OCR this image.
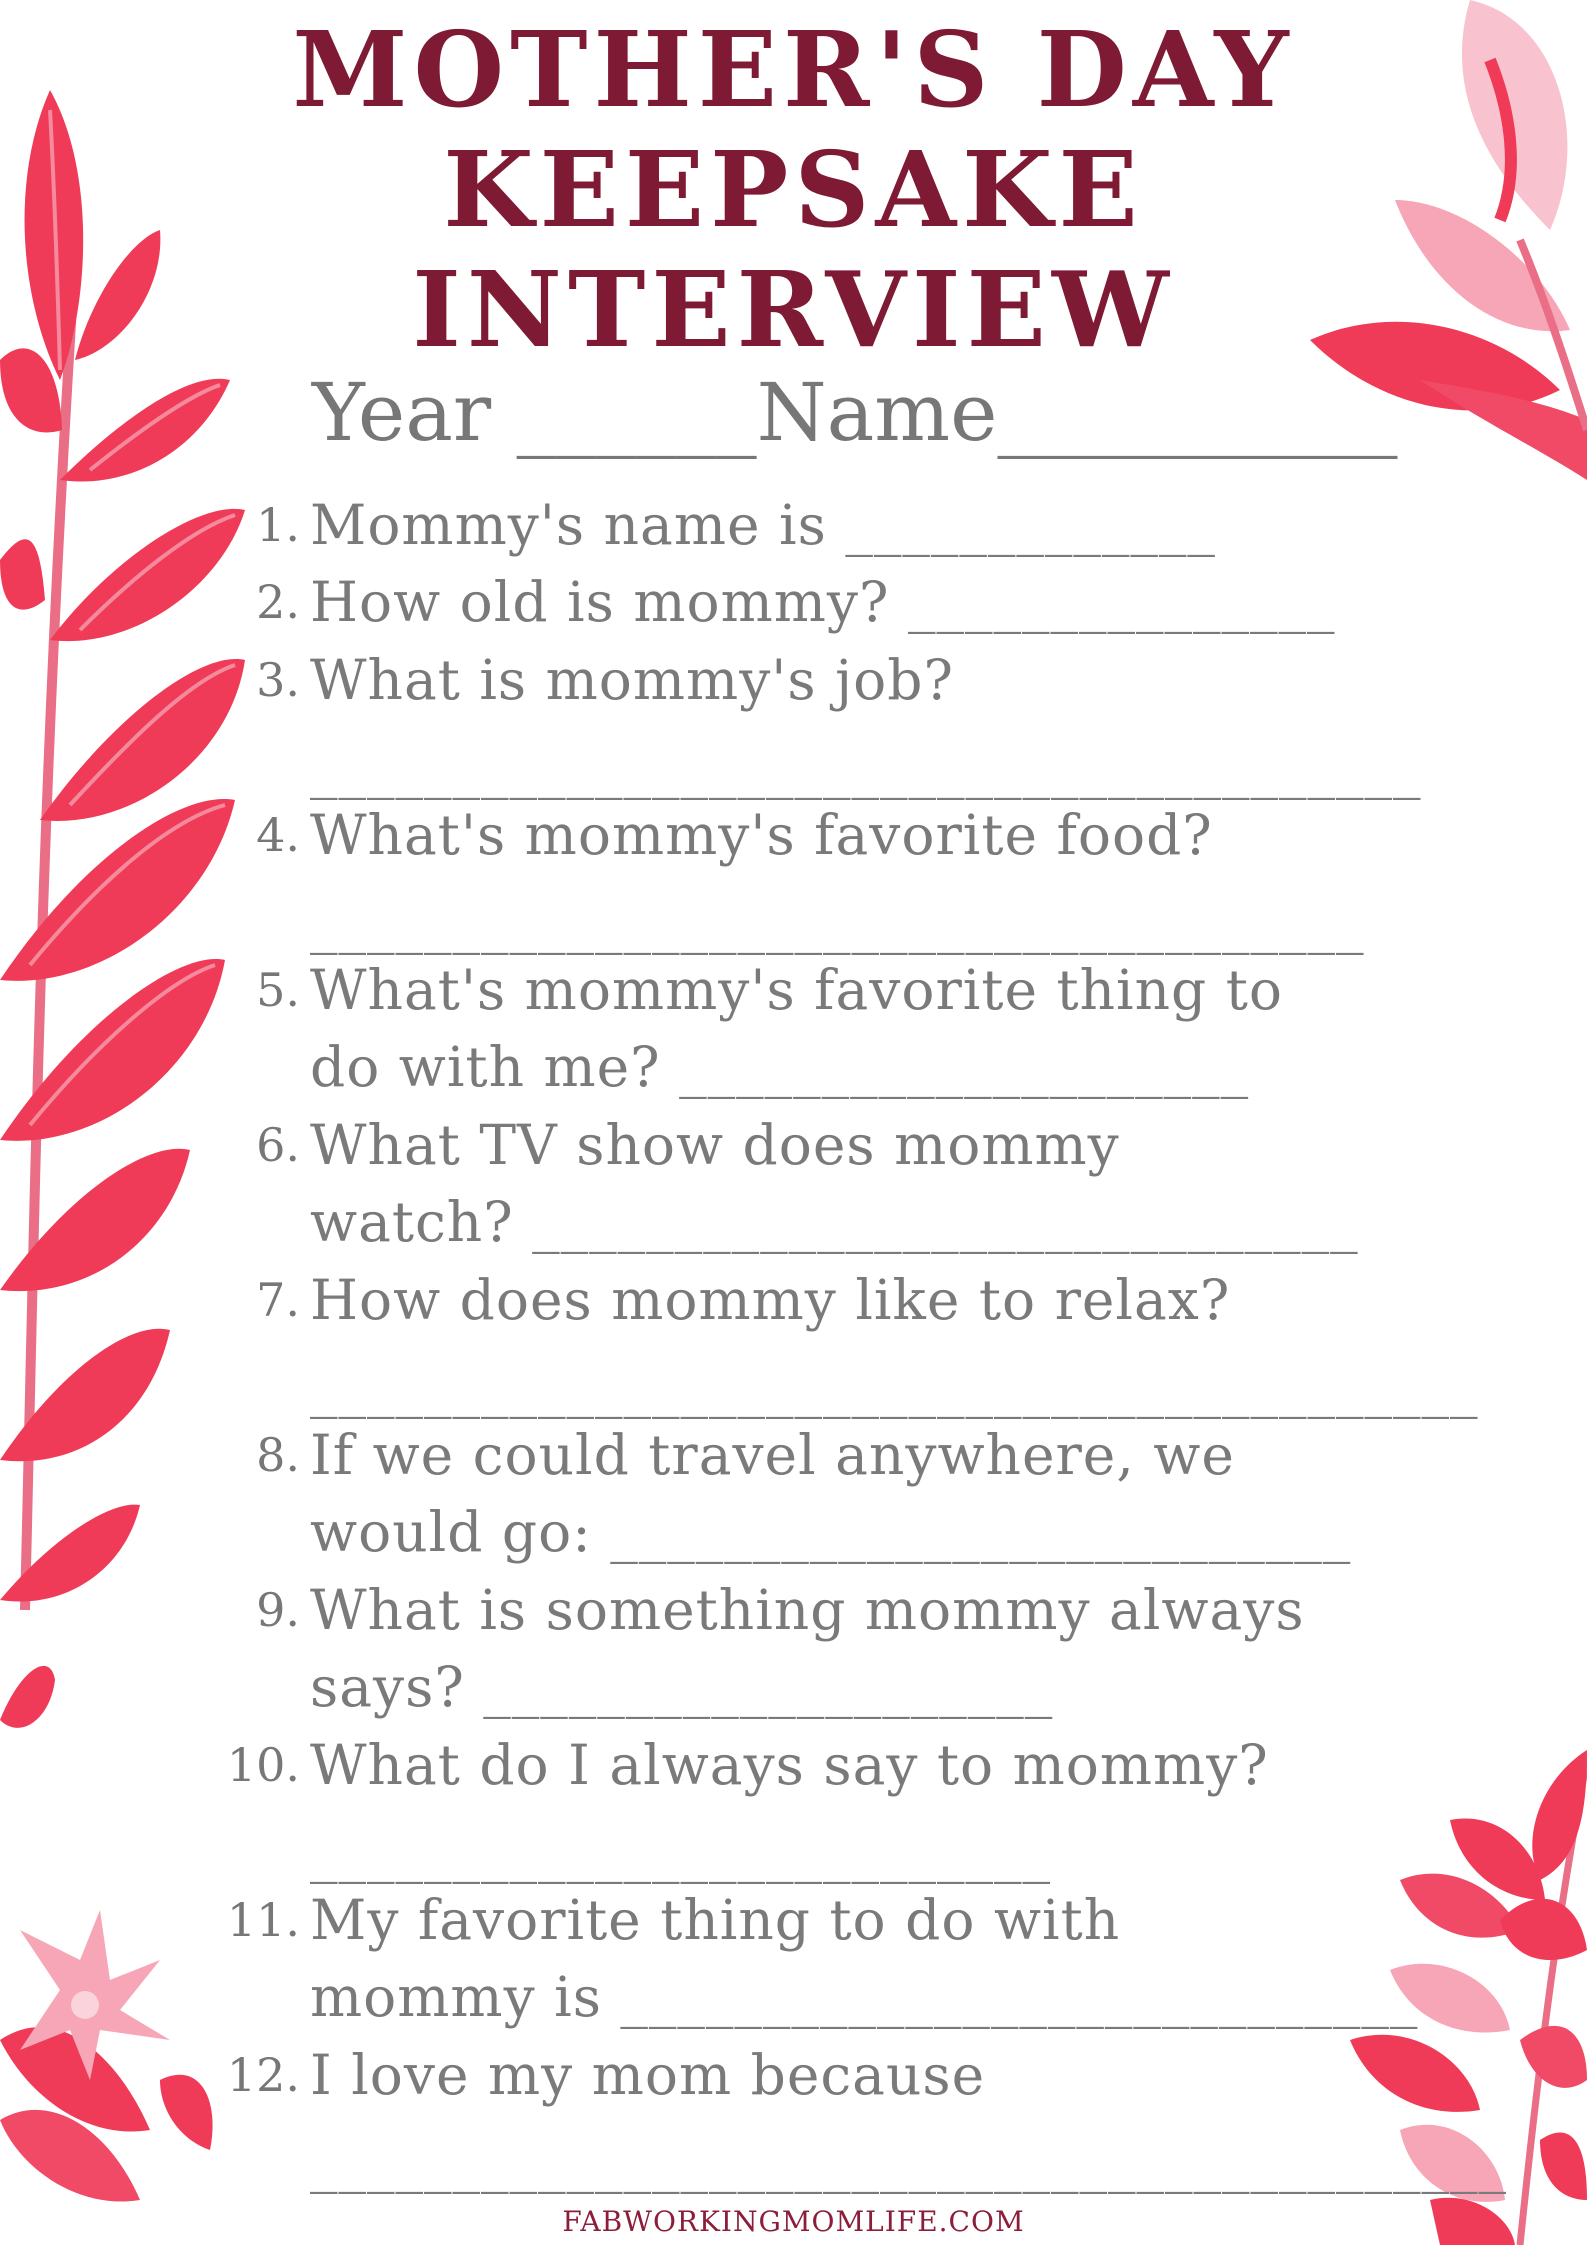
MOTHER'S DAY
KEEPSAKE
INTERVIEW
Year ______Name__________
1. Mommy's name is _____________
2. How old is mommy? _______________
3. What is mommy's job?
_______________________________________
4. What's mommy's favorite food?
_____________________________________
5. What's mommy's favorite thing to
do with me? ____________________
6. What TV show does mommy
watch? _____________________________
7. How does mommy like to relax?
_________________________________________
8. If we could travel anywhere, we
would go: __________________________
9. What is something mommy always
says? ____________________
10. What do I always say to mommy?
__________________________
11. My favorite thing to do with
mommy is ____________________________
12. I love my mom because
__________________________________________
FABWORKINGMOMLIFE.COM
